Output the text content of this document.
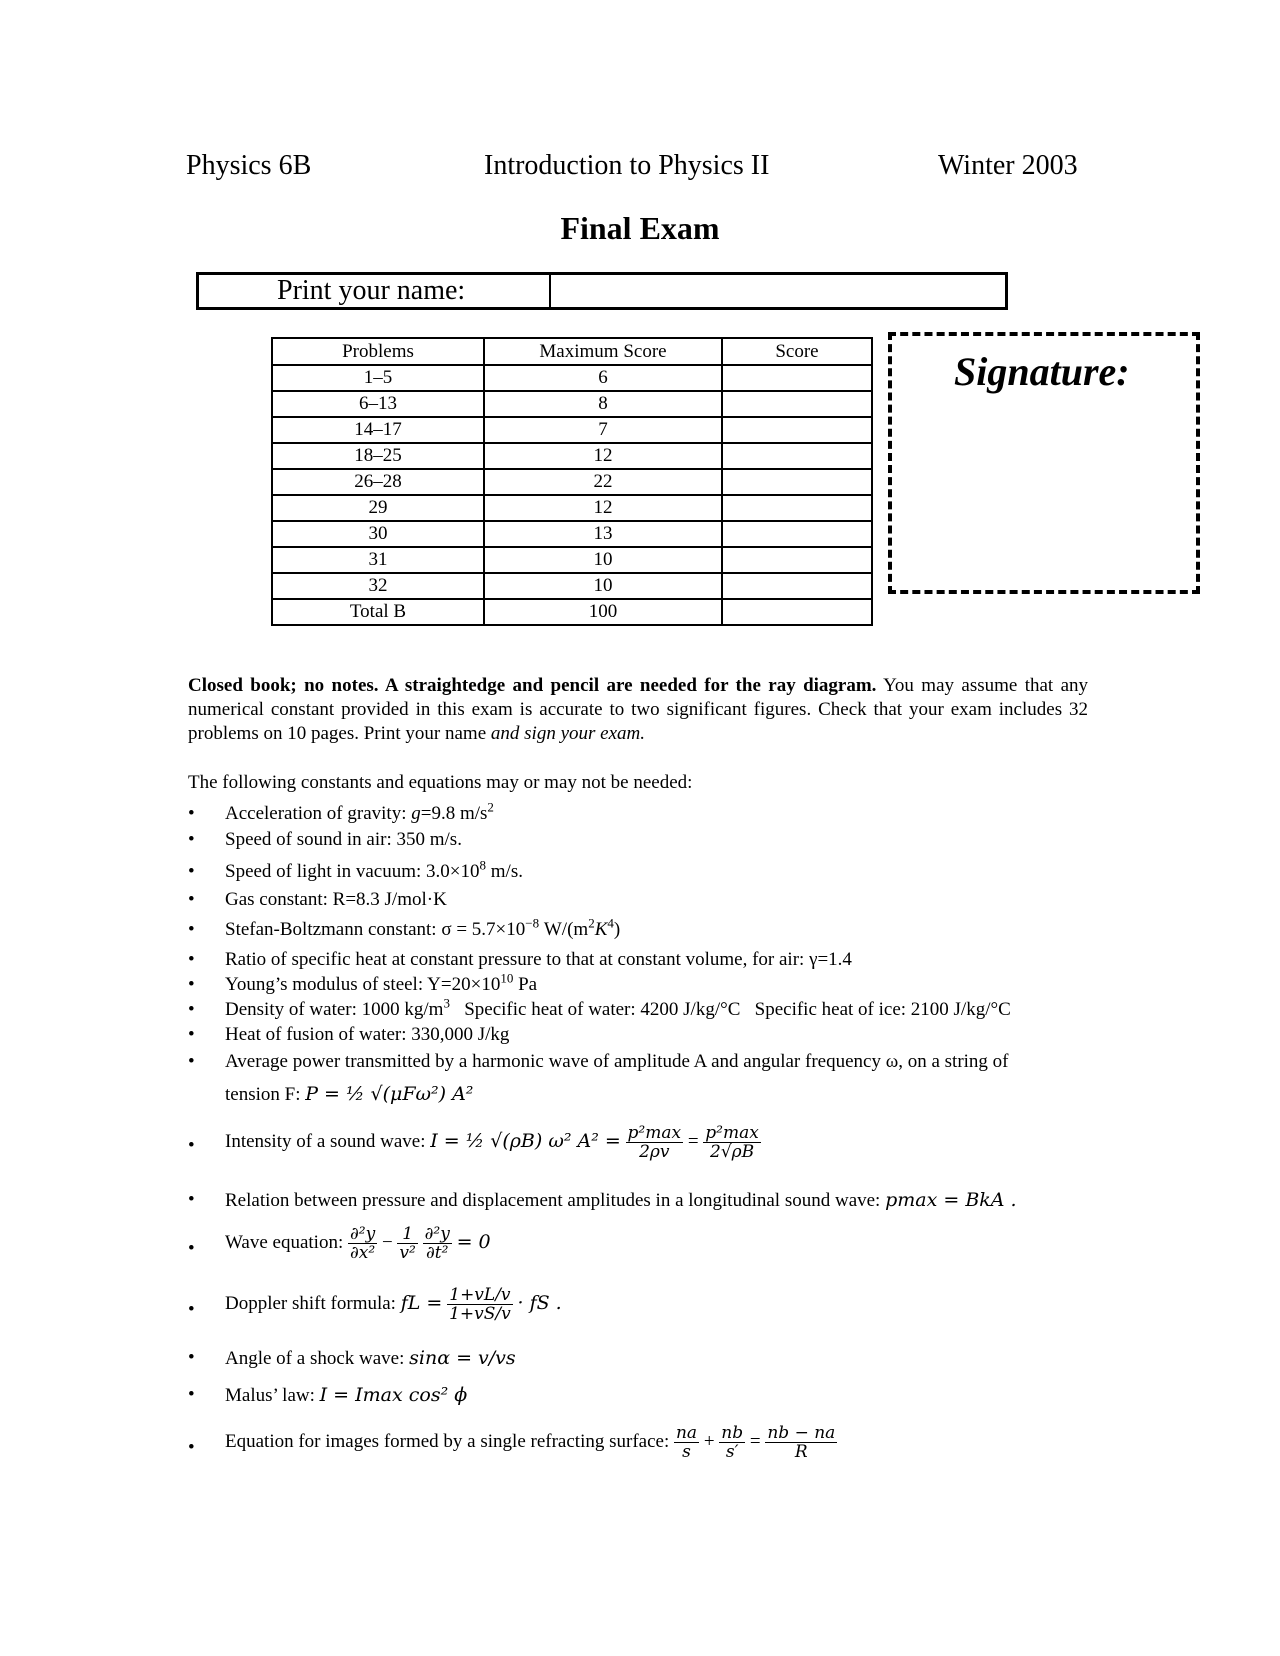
Physics 6B	Introduction to Physics II	Winter 2003
Final Exam
Print your name:
Problems	Maximum Score	Score
1–5	6	
6–13	8	
14–17	7	
18–25	12	
26–28	22	
29	12	
30	13	
31	10	
32	10	
Total B	100	
Signature:
Closed book; no notes. A straightedge and pencil are needed for the ray diagram. You may assume that any numerical constant provided in this exam is accurate to two significant figures. Check that your exam includes 32 problems on 10 pages. Print your name and sign your exam.
The following constants and equations may or may not be needed:
• Acceleration of gravity: g=9.8 $m/s^2$
• Speed of sound in air: 350 m/s.
• Speed of light in vacuum: $3.0\times 10^8$ m/s.
• Gas constant: R=8.3 J/mol·K
• Stefan-Boltzmann constant: $\sigma = 5.7\times 10^{-8}$ $W/(m^2K^4)$
• Ratio of specific heat at constant pressure to that at constant volume, for air: γ=1.4
• Young’s modulus of steel: $Y=20\times 10^{10}$ Pa
• Density of water: 1000 $kg/m^3$   Specific heat of water: 4200 J/kg/°C   Specific heat of ice: 2100 J/kg/°C
• Heat of fusion of water: 330,000 J/kg
• Average power transmitted by a harmonic wave of amplitude A and angular frequency ω, on a string of
tension F: P = ½ √(μFω²) A²
• Intensity of a sound wave: I = ½ √(ρB) ω² $A^2 = \frac{\text{p²max}}{2\rho v} = \frac{\text{p²max}}{2√\rho B}$
• Relation between pressure and displacement amplitudes in a longitudinal sound wave: pmax = BkA .
• Wave equation: $\frac{\text{∂²y}}{\text{∂x²}} - \frac{1}{\text{v²}}$
$\frac{\text{∂²y}}{\text{∂t²}} = 0$
• Doppler shift formula: fL = $\frac{1+vL/v}{1+vS/v}$ · fS .
• Angle of a shock wave: sinα = v/vs
• Malus’ law: I = Imax cos² ϕ
• Equation for images formed by a single refracting surface: $\frac{na}{s} + \frac{nb}{s'} = \frac{nb - na}{R}$
